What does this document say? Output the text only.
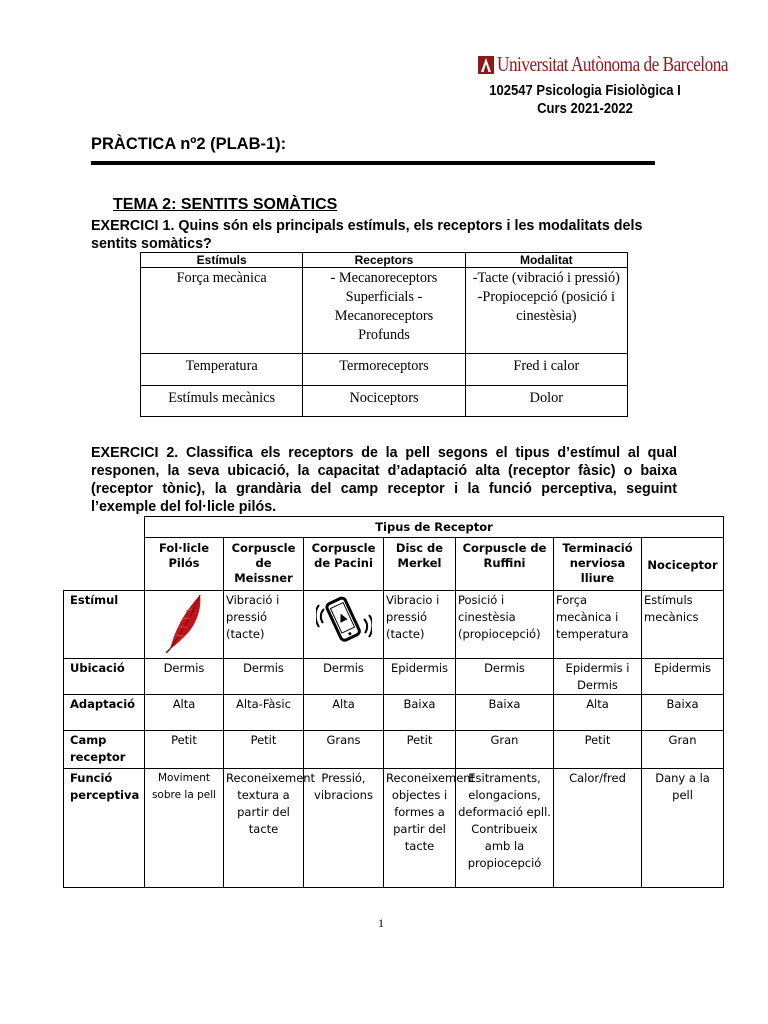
Universitat Autònoma de Barcelona
102547 Psicologia Fisiològica I
Curs 2021-2022
PRÀCTICA nº2 (PLAB-1):
TEMA 2: SENTITS SOMÀTICS
EXERCICI 1. Quins són els principals estímuls, els receptors i les modalitats dels sentits somàtics?
Estímuls	Receptors	Modalitat
Força mecànica	- Mecanoreceptors Superficials -Mecanoreceptors Profunds	-Tacte (vibració i pressió) -Propiocepció (posició i cinestèsia)
Temperatura	Termoreceptors	Fred i calor
Estímuls mecànics	Nociceptors	Dolor
EXERCICI 2. Classifica els receptors de la pell segons el tipus d’estímul al qual responen, la seva ubicació, la capacitat d’adaptació alta (receptor fàsic) o baixa (receptor tònic), la grandària del camp receptor i la funció perceptiva, seguint l’exemple del fol·licle pilós.
	Tipus de Receptor						
	Fol·licle Pilós	Corpuscle de Meissner	Corpuscle de Pacini	Disc de Merkel	Corpuscle de Ruffini	Terminació nerviosa lliure	Nociceptor
Estímul		Vibració i pressió (tacte)		Vibracio i pressió (tacte)	Posició i cinestèsia (propiocepció)	Força mecànica i temperatura	Estímuls mecànics
Ubicació	Dermis	Dermis	Dermis	Epidermis	Dermis	Epidermis i Dermis	Epidermis
Adaptació	Alta	Alta-Fàsic	Alta	Baixa	Baixa	Alta	Baixa
Camp receptor	Petit	Petit	Grans	Petit	Gran	Petit	Gran
Funció perceptiva	Moviment sobre la pell	Reconeixement textura a partir del tacte	Pressió, vibracions	Reconeixement objectes i formes a partir del tacte	Esitraments, elongacions, deformació epll. Contribueix amb la propiocepció	Calor/fred	Dany a la pell
1
